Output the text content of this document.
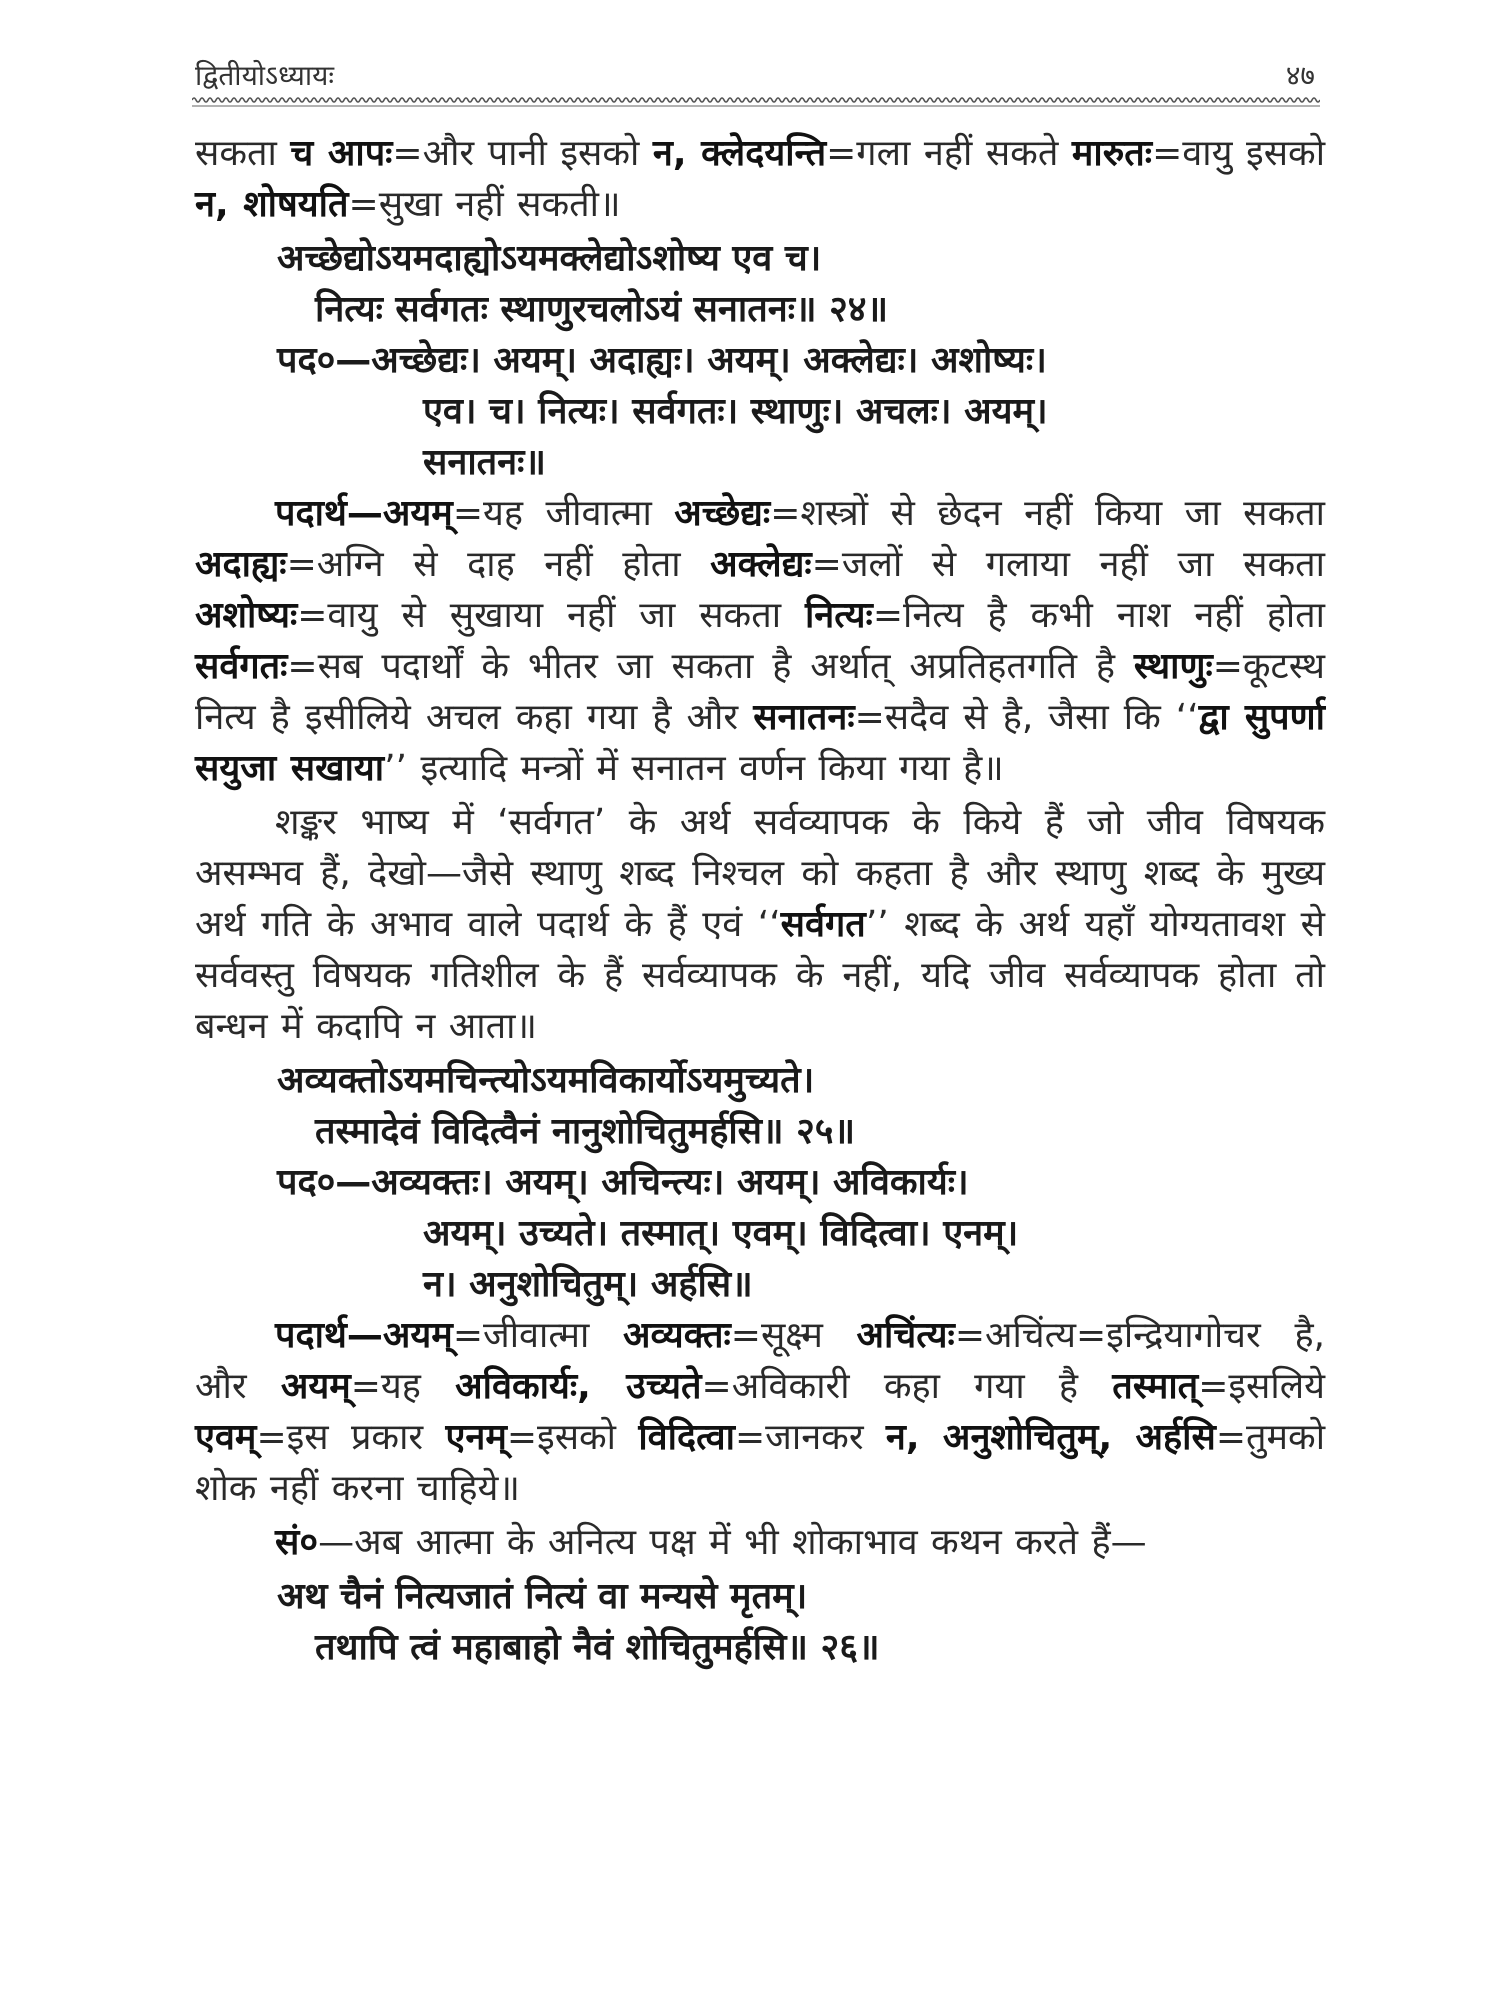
द्वितीयोऽध्यायः	४७
सकता च आपः=और पानी इसको न, क्लेदयन्ति=गला नहीं सकते मारुतः=वायु इसको न, शोषयति=सुखा नहीं सकती॥
अच्छेद्योऽयमदाह्योऽयमक्लेद्योऽशोष्य एव च।
नित्यः सर्वगतः स्थाणुरचलोऽयं सनातनः॥ २४॥
पद०—अच्छेद्यः। अयम्। अदाह्यः। अयम्। अक्लेद्यः। अशोष्यः।
एव। च। नित्यः। सर्वगतः। स्थाणुः। अचलः। अयम्।
सनातनः॥
पदार्थ—अयम्=यह जीवात्मा अच्छेद्यः=शस्त्रों से छेदन नहीं किया जा सकता अदाह्यः=अग्नि से दाह नहीं होता अक्लेद्यः=जलों से गलाया नहीं जा सकता अशोष्यः=वायु से सुखाया नहीं जा सकता नित्यः=नित्य है कभी नाश नहीं होता सर्वगतः=सब पदार्थों के भीतर जा सकता है अर्थात् अप्रतिहतगति है स्थाणुः=कूटस्थ नित्य है इसीलिये अचल कहा गया है और सनातनः=सदैव से है, जैसा कि ‘‘द्वा सुपर्णा सयुजा सखाया’’ इत्यादि मन्त्रों में सनातन वर्णन किया गया है॥
शङ्कर भाष्य में ‘सर्वगत’ के अर्थ सर्वव्यापक के किये हैं जो जीव विषयक असम्भव हैं, देखो—जैसे स्थाणु शब्द निश्चल को कहता है और स्थाणु शब्द के मुख्य अर्थ गति के अभाव वाले पदार्थ के हैं एवं ‘‘सर्वगत’’ शब्द के अर्थ यहाँ योग्यतावश से सर्ववस्तु विषयक गतिशील के हैं सर्वव्यापक के नहीं, यदि जीव सर्वव्यापक होता तो बन्धन में कदापि न आता॥
अव्यक्तोऽयमचिन्त्योऽयमविकार्योऽयमुच्यते।
तस्मादेवं विदित्वैनं नानुशोचितुमर्हसि॥ २५॥
पद०—अव्यक्तः। अयम्। अचिन्त्यः। अयम्। अविकार्यः।
अयम्। उच्यते। तस्मात्। एवम्। विदित्वा। एनम्।
न। अनुशोचितुम्। अर्हसि॥
पदार्थ—अयम्=जीवात्मा अव्यक्तः=सूक्ष्म अचिंत्यः=अचिंत्य=इन्द्रियागोचर है, और अयम्=यह अविकार्यः, उच्यते=अविकारी कहा गया है तस्मात्=इसलिये एवम्=इस प्रकार एनम्=इसको विदित्वा=जानकर न, अनुशोचितुम्, अर्हसि=तुमको शोक नहीं करना चाहिये॥
सं०—अब आत्मा के अनित्य पक्ष में भी शोकाभाव कथन करते हैं—
अथ चैनं नित्यजातं नित्यं वा मन्यसे मृतम्।
तथापि त्वं महाबाहो नैवं शोचितुमर्हसि॥ २६॥
